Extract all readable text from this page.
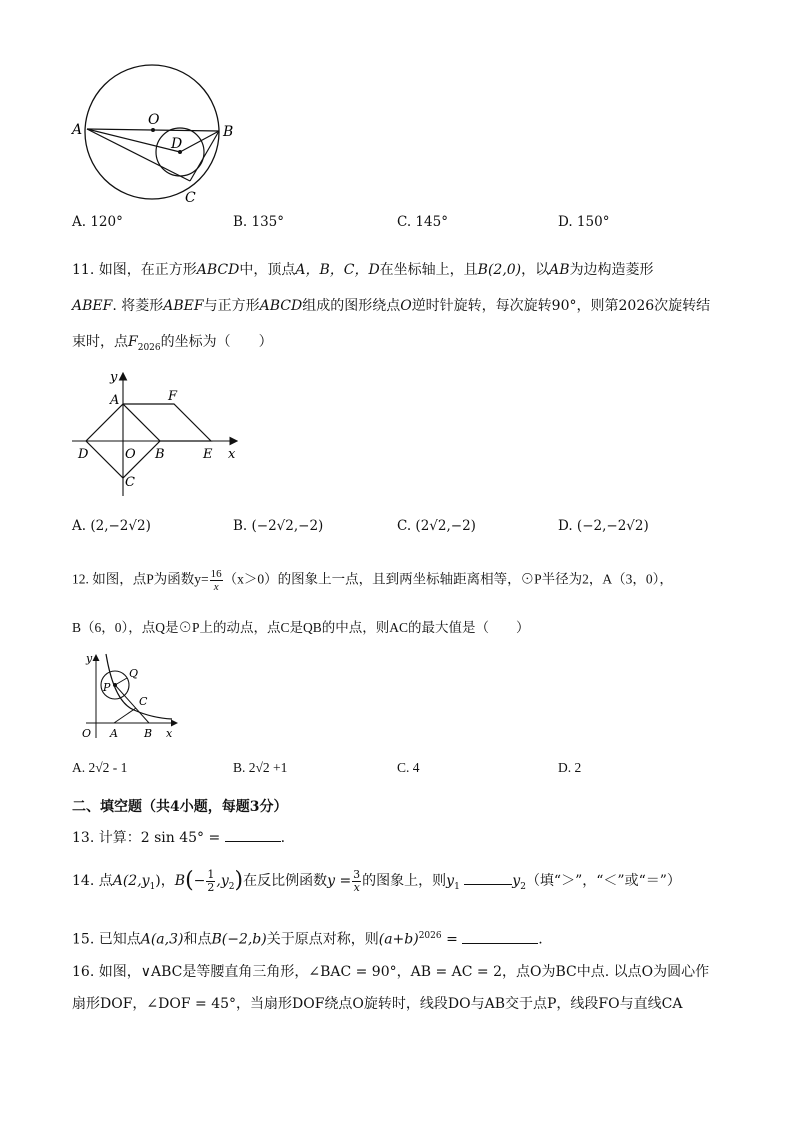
A
O
D
B
C
A. 120°	B. 135°	C. 145°	D. 150°
11. 如图，在正方形ABCD中，顶点A，B，C，D在坐标轴上，且B(2,0)，以AB为边构造菱形
ABEF. 将菱形ABEF与正方形ABCD组成的图形绕点O逆时针旋转，每次旋转90°，则第2026次旋转结
束时，点$F_{2026}$的坐标为（　　）
y
A	F
D	O B	E x
C
A. (2,−2√2)	B. (−2√2,−2)	C. (2√2,−2)	D. (−2,−2√2)
12. 如图，点P为函数$y= \frac{16}{x} (x>0)$的图象上一点，且到两坐标轴距离相等，⊙P半径为2，A（3，0），
B（6，0），点Q是⊙P上的动点，点C是QB的中点，则AC的最大值是（　　）
y
Q
P
C
O A B x
A. 2√2 - 1	B. 2√2 +1	C. 4	D. 2
二、填空题（共4小题，每题3分）
13. 计算：2 sin 45° =	.
14. 点$A(2,y_1)$，$B(- \frac{1}{2} ,y_2)$在反比例函数$y = \frac{3}{x}$ 的图象上，则$y_1$	$y_2$（填“＞”，“＜”或“＝”）
15. 已知点A(a,3)和点B(−2,b)关于原点对称，则$(a+b)^{2026}$ =	.
16. 如图，∨ABC是等腰直角三角形，∠BAC = 90°，AB = AC = 2，点O为BC中点. 以点O为圆心作
扇形DOF，∠DOF = 45°，当扇形DOF绕点O旋转时，线段DO与AB交于点P，线段FO与直线CA
